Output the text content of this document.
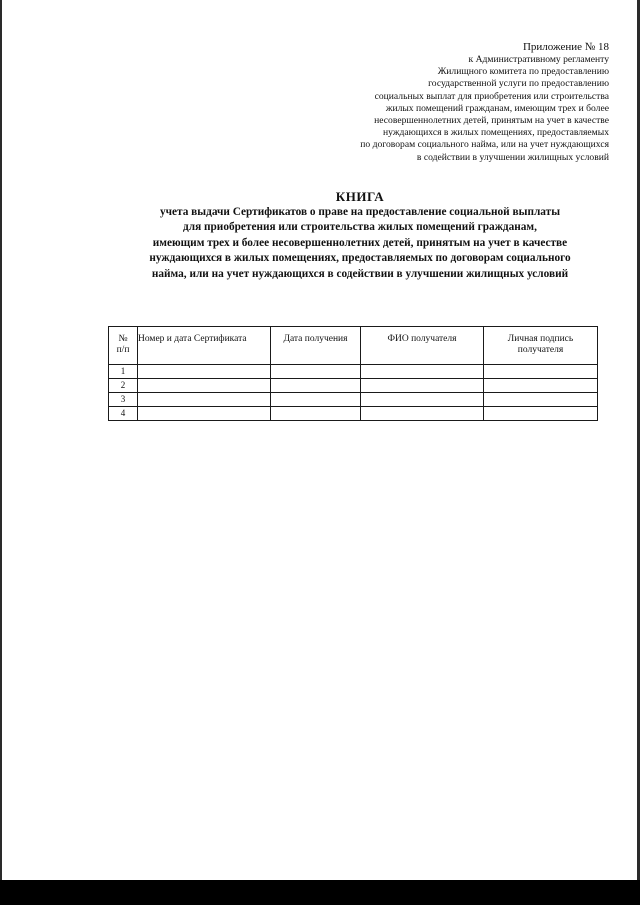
Приложение № 18
к Административному регламенту
Жилищного комитета по предоставлению
государственной услуги по предоставлению
социальных выплат для приобретения или строительства
жилых помещений гражданам, имеющим трех и более
несовершеннолетних детей, принятым на учет в качестве
нуждающихся в жилых помещениях, предоставляемых
по договорам социального найма, или на учет нуждающихся
в содействии в улучшении жилищных условий
КНИГА
учета выдачи Сертификатов о праве на предоставление социальной выплаты
для приобретения или строительства жилых помещений гражданам,
имеющим трех и более несовершеннолетних детей, принятым на учет в качестве
нуждающихся в жилых помещениях, предоставляемых по договорам социального
найма, или на учет нуждающихся в содействии в улучшении жилищных условий
№
п/п	Номер и дата Сертификата	Дата получения	ФИО получателя	Личная подпись
получателя
1				
2				
3				
4				
